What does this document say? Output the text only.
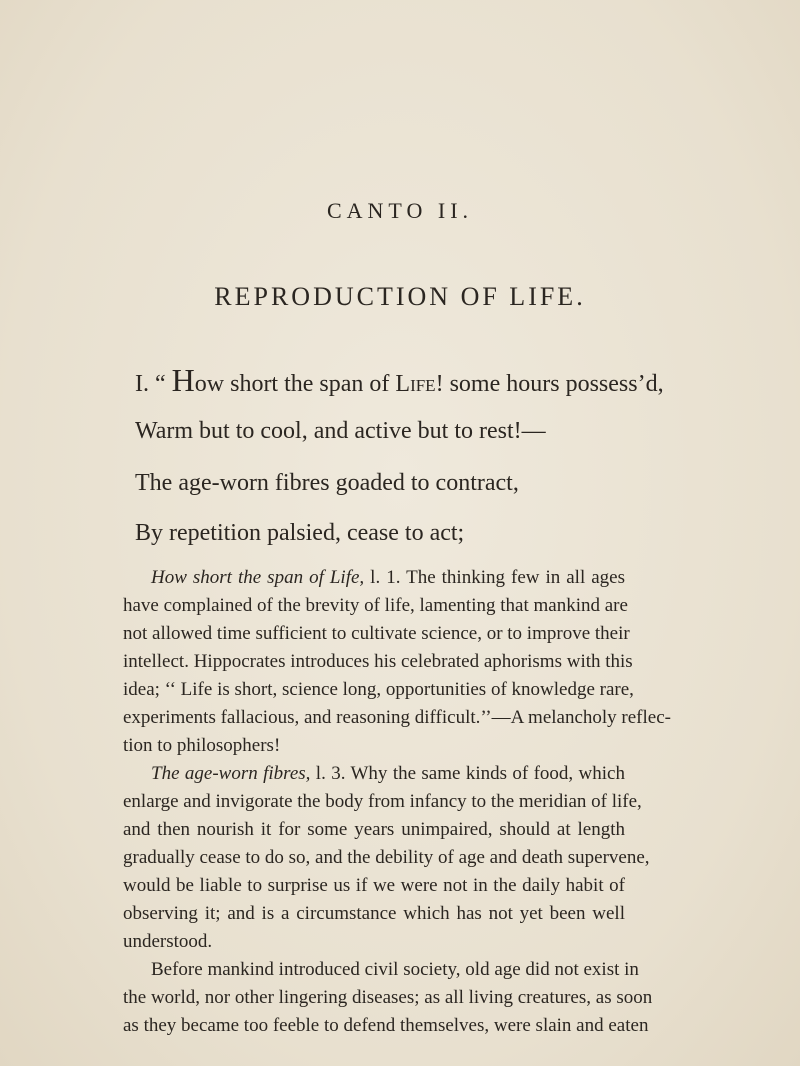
CANTO II.
REPRODUCTION OF LIFE.
I. “ How short the span of Life! some hours possess’d,
Warm but to cool, and active but to rest!—
The age-worn fibres goaded to contract,
By repetition palsied, cease to act;
How short the span of Life, l. 1. The thinking few in all ages
have complained of the brevity of life, lamenting that mankind are
not allowed time sufficient to cultivate science, or to improve their
intellect. Hippocrates introduces his celebrated aphorisms with this
idea; ‘‘ Life is short, science long, opportunities of knowledge rare,
experiments fallacious, and reasoning difficult.’’—A melancholy reflec-
tion to philosophers!
The age-worn fibres, l. 3. Why the same kinds of food, which
enlarge and invigorate the body from infancy to the meridian of life,
and then nourish it for some years unimpaired, should at length
gradually cease to do so, and the debility of age and death supervene,
would be liable to surprise us if we were not in the daily habit of
observing it; and is a circumstance which has not yet been well
understood.
Before mankind introduced civil society, old age did not exist in
the world, nor other lingering diseases; as all living creatures, as soon
as they became too feeble to defend themselves, were slain and eaten
